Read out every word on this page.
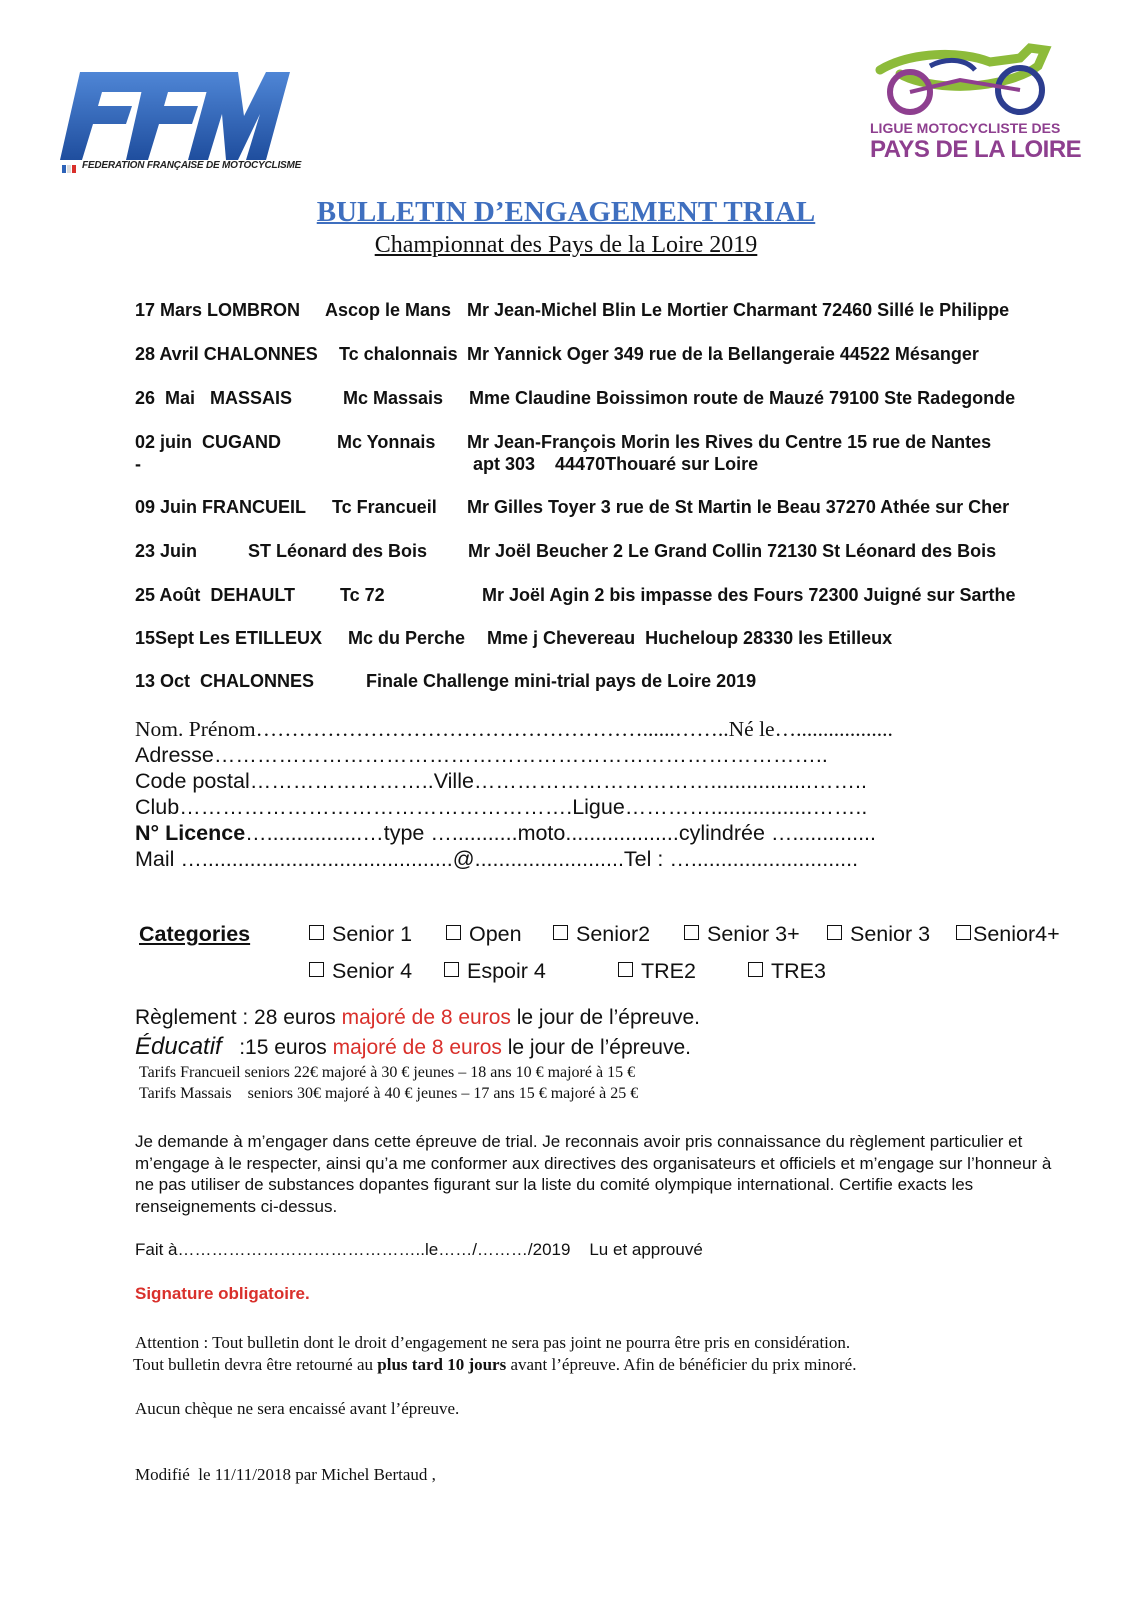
FEDERATION FRANÇAISE DE MOTOCYCLISME
LIGUE MOTOCYCLISTE DES
PAYS DE LA LOIRE
BULLETIN D’ENGAGEMENT TRIAL
Championnat des Pays de la Loire 2019
17 Mars LOMBRON Ascop le Mans Mr Jean-Michel Blin Le Mortier Charmant 72460 Sillé le Philippe
28 Avril CHALONNES Tc chalonnais Mr Yannick Oger 349 rue de la Bellangeraie 44522 Mésanger
26  Mai   MASSAIS	Mc Massais Mme Claudine Boissimon route de Mauzé 79100 Ste Radegonde
02 juin  CUGAND	Mc Yonnais Mr Jean-François Morin les Rives du Centre 15 rue de Nantes
-	apt 303    44470Thouaré sur Loire
09 Juin FRANCUEIL Tc Francueil Mr Gilles Toyer 3 rue de St Martin le Beau 37270 Athée sur Cher
23 Juin	ST Léonard des Bois Mr Joël Beucher 2 Le Grand Collin 72130 St Léonard des Bois
25 Août  DEHAULT	Tc 72	Mr Joël Agin 2 bis impasse des Fours 72300 Juigné sur Sarthe
15Sept Les ETILLEUX Mc du Perche Mme j Chevereau  Hucheloup 28330 les Etilleux
13 Oct  CHALONNES	Finale Challenge mini-trial pays de Loire 2019
Nom. Prénom………………………………………………......……..Né le…..................
Adresse…………………………………………………………………………..
Code postal……………………..Ville…………………………….................……..
Club……………………………………………….Ligue………….................……..
N° Licence…................…type …...........moto...................cylindrée …..............
Mail …..........................................@.........................Tel : …............................
Categories	Senior 1	Open	Senior2	Senior 3+	Senior 3	Senior4+
Senior 4	Espoir 4	TRE2	TRE3
Règlement : 28 euros majoré de 8 euros le jour de l’épreuve.
Éducatif   :15 euros majoré de 8 euros le jour de l’épreuve.
Tarifs Francueil seniors 22€ majoré à 30 € jeunes – 18 ans 10 € majoré à 15 €
Tarifs Massais    seniors 30€ majoré à 40 € jeunes – 17 ans 15 € majoré à 25 €
Je demande à m’engager dans cette épreuve de trial. Je reconnais avoir pris connaissance du règlement particulier et m’engage à le respecter, ainsi qu’a me conformer aux directives des organisateurs et officiels et m’engage sur l’honneur à ne pas utiliser de substances dopantes figurant sur la liste du comité olympique international. Certifie exacts les renseignements ci-dessus.
Fait à……………………………………..le……/………/2019    Lu et approuvé
Signature obligatoire.
Attention : Tout bulletin dont le droit d’engagement ne sera pas joint ne pourra être pris en considération.
Tout bulletin devra être retourné au plus tard 10 jours avant l’épreuve. Afin de bénéficier du prix minoré.
Aucun chèque ne sera encaissé avant l’épreuve.
Modifié  le 11/11/2018 par Michel Bertaud ,
